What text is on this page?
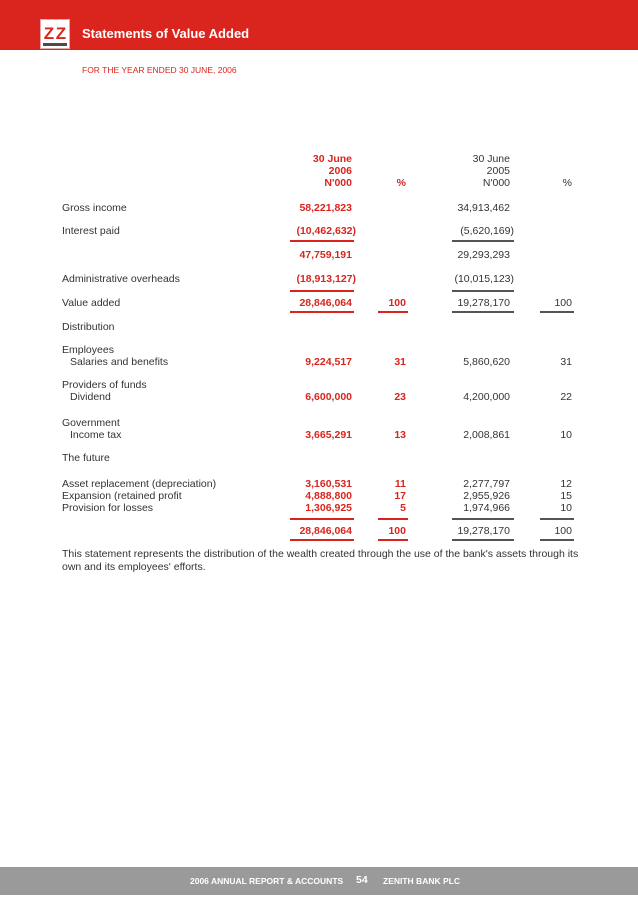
Z Z Statements of Value Added
FOR THE YEAR ENDED 30 JUNE, 2006
30 June
2006
N'000	%
30 June
2005
N'000	%
Gross income	58,221,823	34,913,462
Interest paid	(10,462,632)	(5,620,169)
47,759,191	29,293,293
Administrative overheads	(18,913,127)	(10,015,123)
Value added	28,846,064	100	19,278,170	100
Distribution
Employees
Salaries and benefits	9,224,517	31	5,860,620	31
Providers of funds
Dividend	6,600,000	23	4,200,000	22
Government
Income tax	3,665,291	13	2,008,861	10
The future
Asset replacement (depreciation)	3,160,531	11	2,277,797	12
Expansion (retained profit	4,888,800	17	2,955,926	15
Provision for losses	1,306,925	5	1,974,966	10
28,846,064	100	19,278,170	100
This statement represents the distribution of the wealth created through the use of the bank's assets through its own and its employees' efforts.
2006 ANNUAL REPORT & ACCOUNTS 54 ZENITH BANK PLC
